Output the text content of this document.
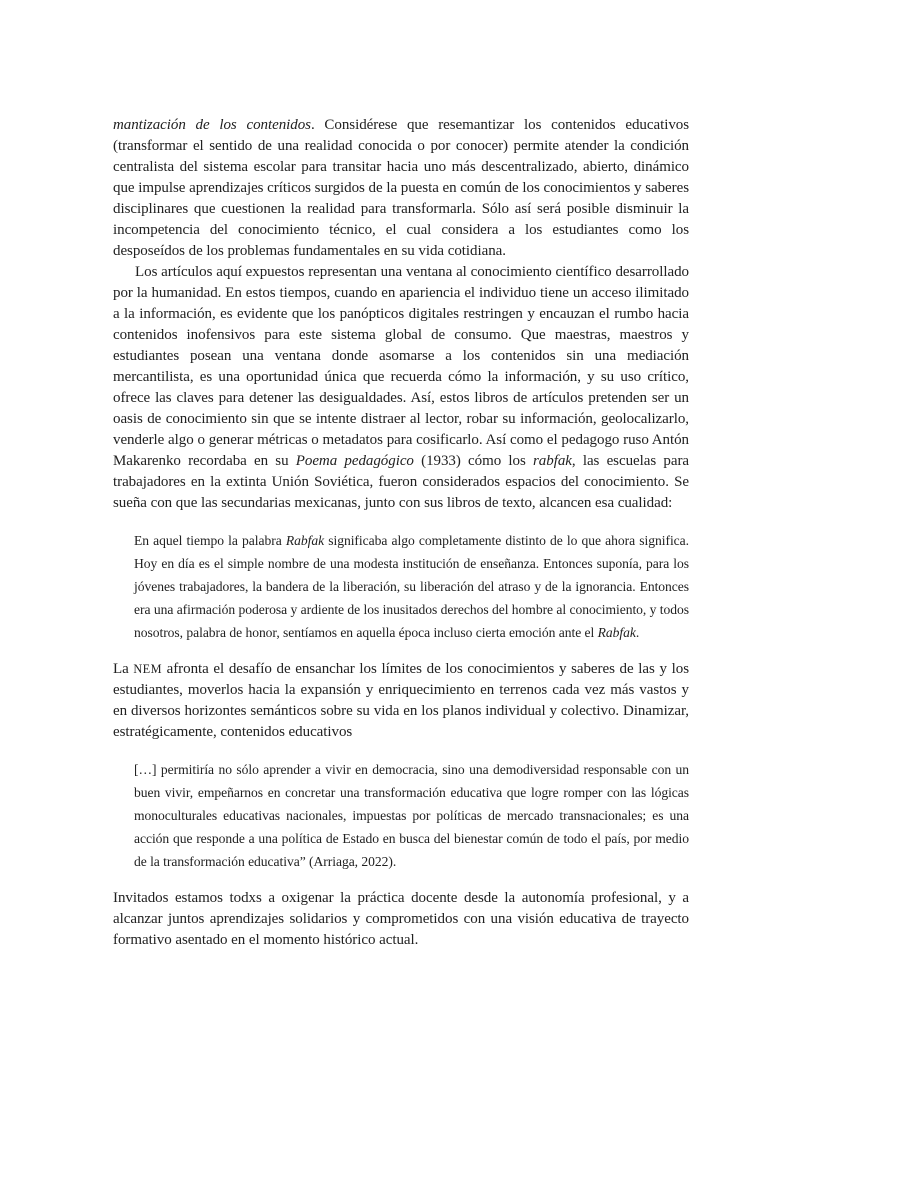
mantización de los contenidos. Considérese que resemantizar los contenidos educativos (transformar el sentido de una realidad conocida o por conocer) permite atender la condición centralista del sistema escolar para transitar hacia uno más descentralizado, abierto, dinámico que impulse aprendizajes críticos surgidos de la puesta en común de los conocimientos y saberes disciplinares que cuestionen la realidad para transformarla. Sólo así será posible disminuir la incompetencia del conocimiento técnico, el cual considera a los estudiantes como los desposeídos de los problemas fundamentales en su vida cotidiana.

Los artículos aquí expuestos representan una ventana al conocimiento científico desarrollado por la humanidad. En estos tiempos, cuando en apariencia el individuo tiene un acceso ilimitado a la información, es evidente que los panópticos digitales restringen y encauzan el rumbo hacia contenidos inofensivos para este sistema global de consumo. Que maestras, maestros y estudiantes posean una ventana donde asomarse a los contenidos sin una mediación mercantilista, es una oportunidad única que recuerda cómo la información, y su uso crítico, ofrece las claves para detener las desigualdades. Así, estos libros de artículos pretenden ser un oasis de conocimiento sin que se intente distraer al lector, robar su información, geolocalizarlo, venderle algo o generar métricas o metadatos para cosificarlo. Así como el pedagogo ruso Antón Makarenko recordaba en su Poema pedagógico (1933) cómo los rabfak, las escuelas para trabajadores en la extinta Unión Soviética, fueron considerados espacios del conocimiento. Se sueña con que las secundarias mexicanas, junto con sus libros de texto, alcancen esa cualidad:

En aquel tiempo la palabra Rabfak significaba algo completamente distinto de lo que ahora significa. Hoy en día es el simple nombre de una modesta institución de enseñanza. Entonces suponía, para los jóvenes trabajadores, la bandera de la liberación, su liberación del atraso y de la ignorancia. Entonces era una afirmación poderosa y ardiente de los inusitados derechos del hombre al conocimiento, y todos nosotros, palabra de honor, sentíamos en aquella época incluso cierta emoción ante el Rabfak.

La NEM afronta el desafío de ensanchar los límites de los conocimientos y saberes de las y los estudiantes, moverlos hacia la expansión y enriquecimiento en terrenos cada vez más vastos y en diversos horizontes semánticos sobre su vida en los planos individual y colectivo. Dinamizar, estratégicamente, contenidos educativos

[…] permitiría no sólo aprender a vivir en democracia, sino una demodiversidad responsable con un buen vivir, empeñarnos en concretar una transformación educativa que logre romper con las lógicas monoculturales educativas nacionales, impuestas por políticas de mercado transnacionales; es una acción que responde a una política de Estado en busca del bienestar común de todo el país, por medio de la transformación educativa” (Arriaga, 2022).

Invitados estamos todxs a oxigenar la práctica docente desde la autonomía profesional, y a alcanzar juntos aprendizajes solidarios y comprometidos con una visión educativa de trayecto formativo asentado en el momento histórico actual.
